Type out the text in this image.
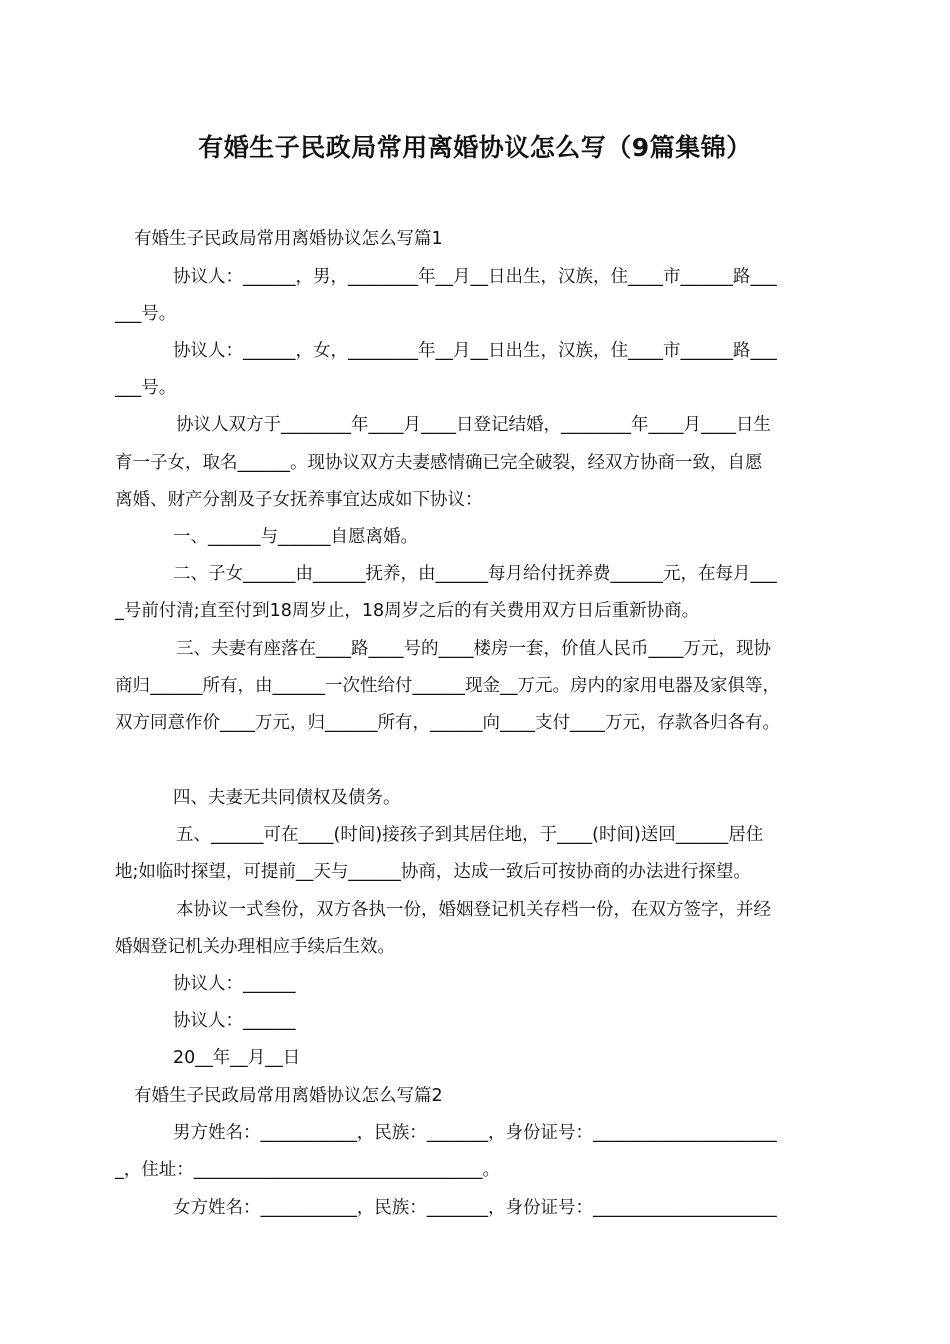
有婚生子民政局常用离婚协议怎么写（9篇集锦）

有婚生子民政局常用离婚协议怎么写篇1

协议人：______，男，________年__月__日出生，汉族，住____市______路___

___号。

协议人：______，女，________年__月__日出生，汉族，住____市______路___

___号。

协议人双方于________年____月____日登记结婚，________年____月____日生

育一子女，取名______。现协议双方夫妻感情确已完全破裂，经双方协商一致，自愿

离婚、财产分割及子女抚养事宜达成如下协议：

一、______与______自愿离婚。

二、子女______由______抚养，由______每月给付抚养费______元，在每月___

_号前付清;直至付到18周岁止，18周岁之后的有关费用双方日后重新协商。

三、夫妻有座落在____路____号的____楼房一套，价值人民币____万元，现协

商归______所有，由______一次性给付______现金__万元。房内的家用电器及家俱等，

双方同意作价____万元，归______所有，______向____支付____万元，存款各归各有。

四、夫妻无共同债权及债务。

五、______可在____(时间)接孩子到其居住地，于____(时间)送回______居住

地;如临时探望，可提前__天与______协商，达成一致后可按协商的办法进行探望。

本协议一式叁份，双方各执一份，婚姻登记机关存档一份，在双方签字，并经

婚姻登记机关办理相应手续后生效。

协议人：______

协议人：______

20__年__月__日

有婚生子民政局常用离婚协议怎么写篇2

男方姓名：___________，民族：_______，身份证号：_____________________

_，住址：_________________________________。

女方姓名：___________，民族：_______，身份证号：_____________________
